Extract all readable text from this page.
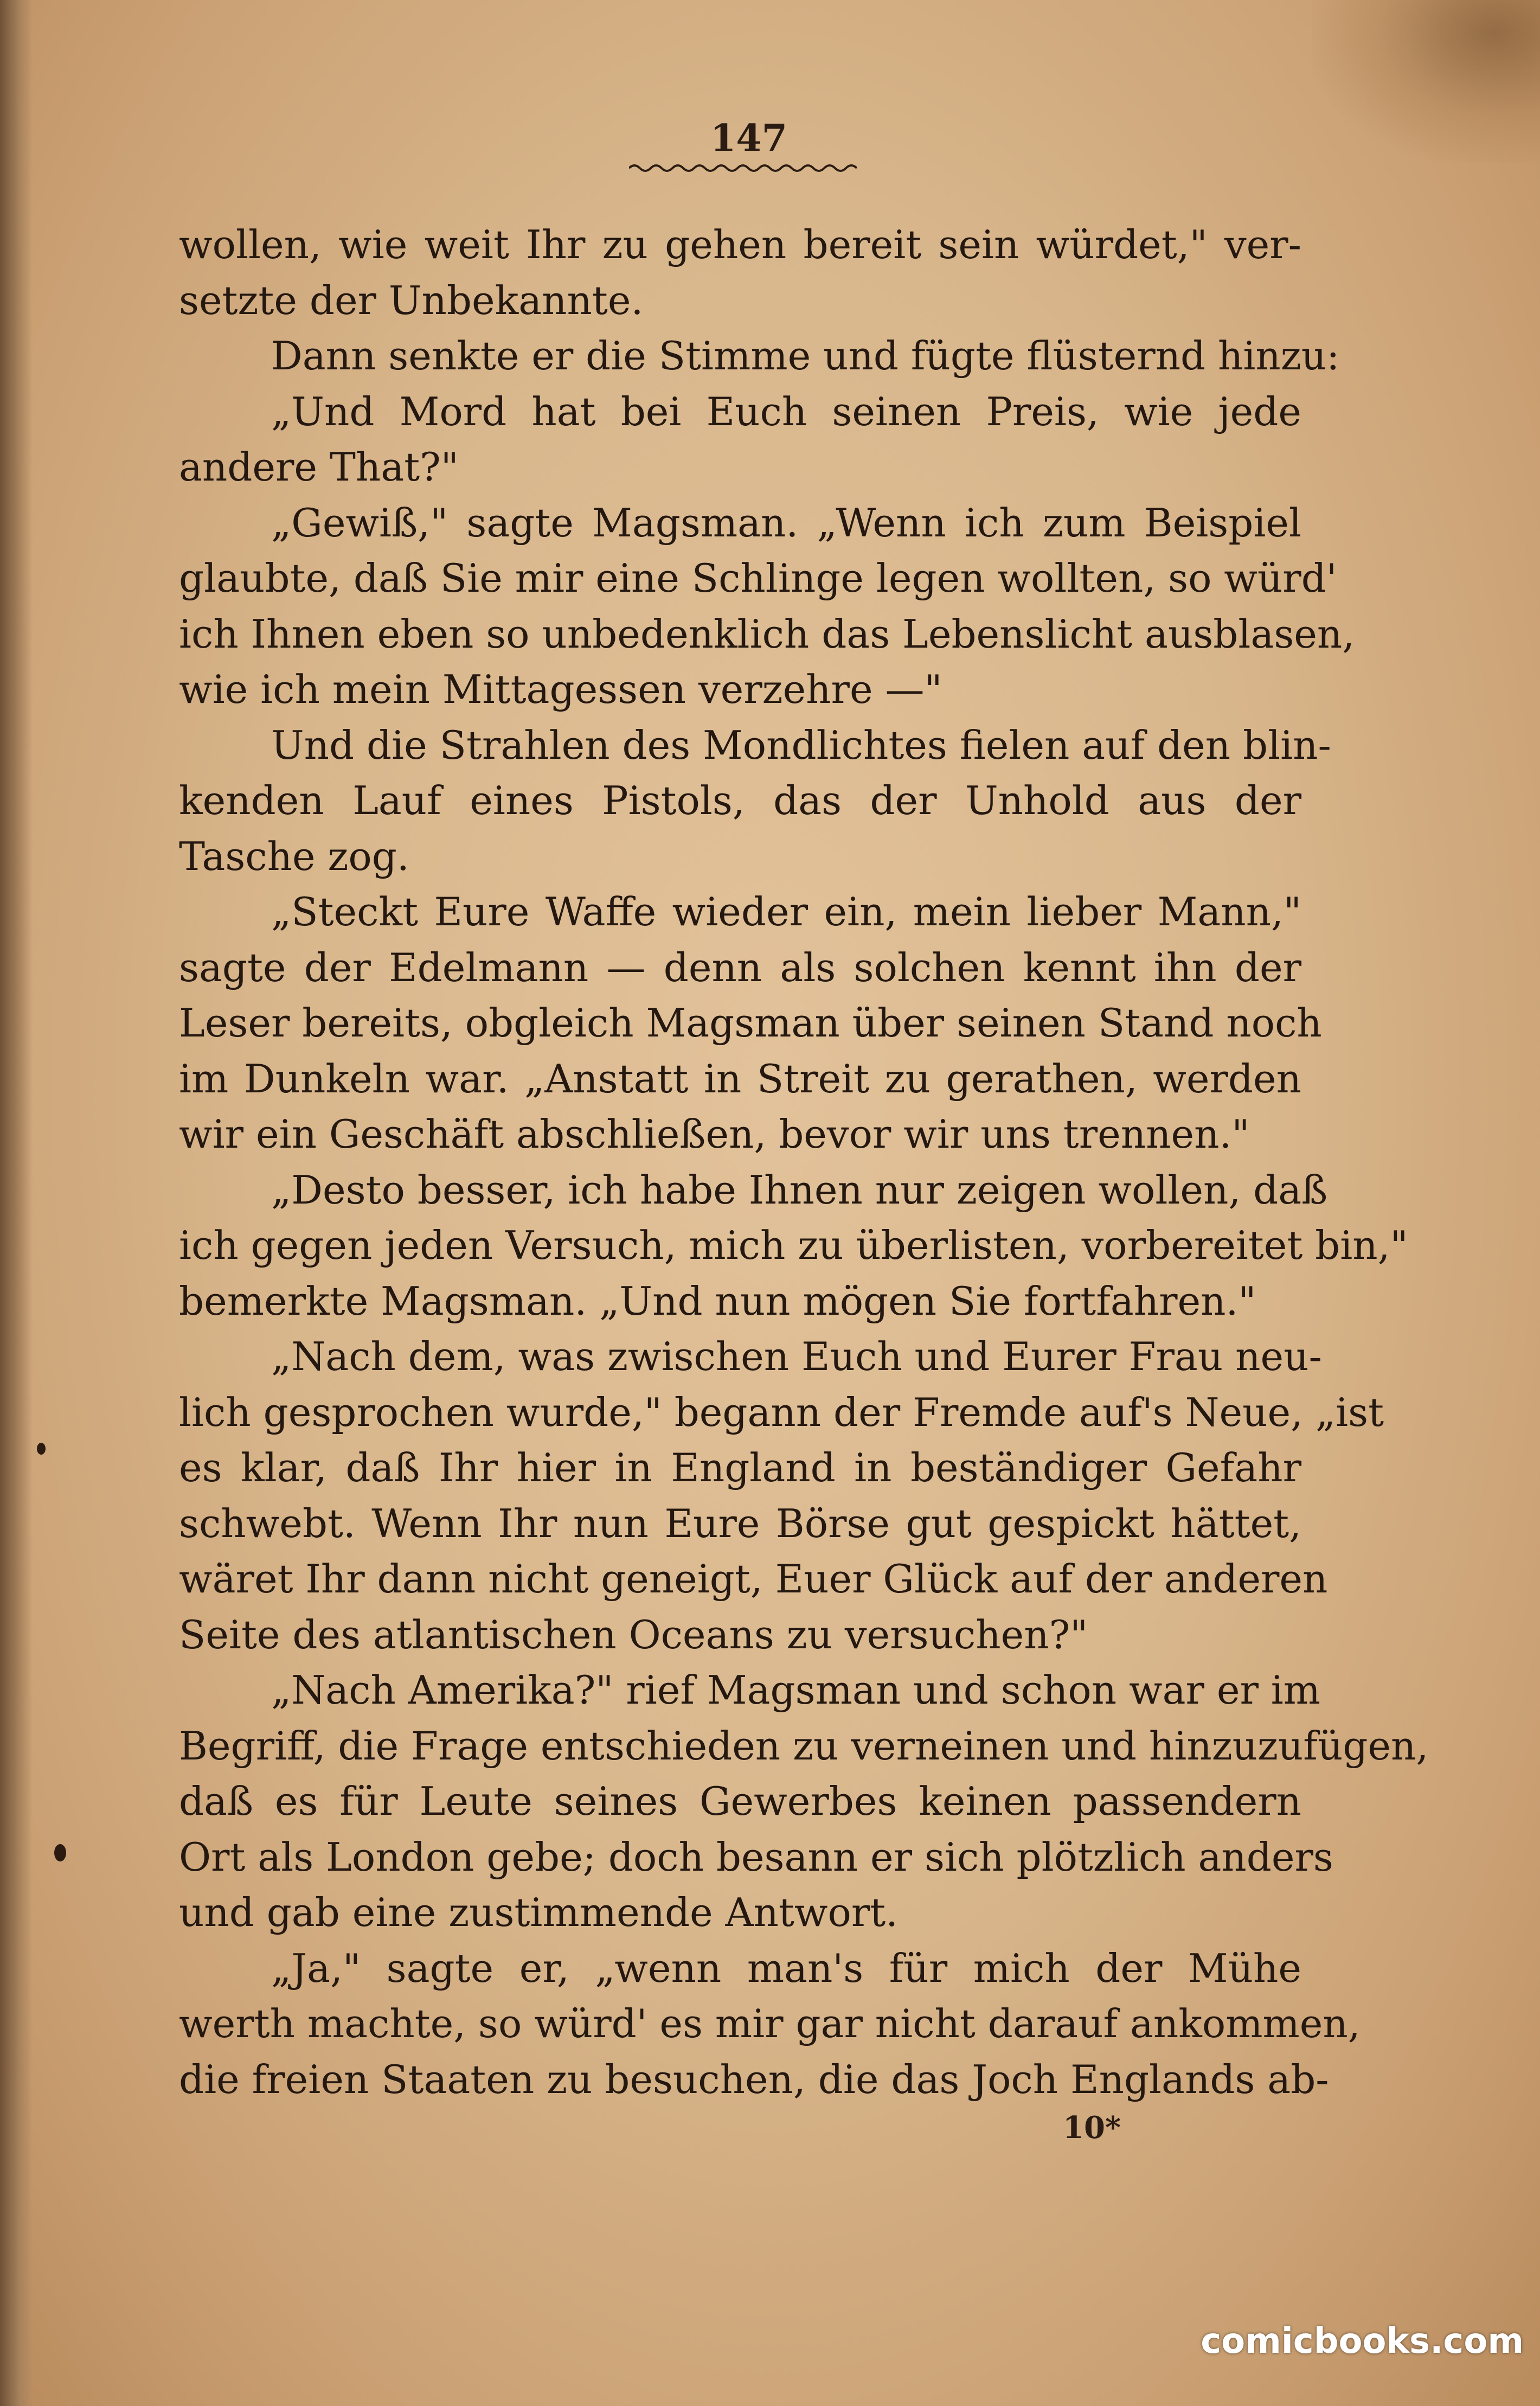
147
wollen, wie weit Ihr zu gehen bereit sein würdet," ver-
setzte der Unbekannte.
Dann senkte er die Stimme und fügte flüsternd hinzu:
„Und Mord hat bei Euch seinen Preis, wie jede
andere That?"
„Gewiß," sagte Magsman. „Wenn ich zum Beispiel
glaubte, daß Sie mir eine Schlinge legen wollten, so würd'
ich Ihnen eben so unbedenklich das Lebenslicht ausblasen,
wie ich mein Mittagessen verzehre —"
Und die Strahlen des Mondlichtes fielen auf den blin-
kenden Lauf eines Pistols, das der Unhold aus der
Tasche zog.
„Steckt Eure Waffe wieder ein, mein lieber Mann,"
sagte der Edelmann — denn als solchen kennt ihn der
Leser bereits, obgleich Magsman über seinen Stand noch
im Dunkeln war. „Anstatt in Streit zu gerathen, werden
wir ein Geschäft abschließen, bevor wir uns trennen."
„Desto besser, ich habe Ihnen nur zeigen wollen, daß
ich gegen jeden Versuch, mich zu überlisten, vorbereitet bin,"
bemerkte Magsman. „Und nun mögen Sie fortfahren."
„Nach dem, was zwischen Euch und Eurer Frau neu-
lich gesprochen wurde," begann der Fremde auf's Neue, „ist
es klar, daß Ihr hier in England in beständiger Gefahr
schwebt. Wenn Ihr nun Eure Börse gut gespickt hättet,
wäret Ihr dann nicht geneigt, Euer Glück auf der anderen
Seite des atlantischen Oceans zu versuchen?"
„Nach Amerika?" rief Magsman und schon war er im
Begriff, die Frage entschieden zu verneinen und hinzuzufügen,
daß es für Leute seines Gewerbes keinen passendern
Ort als London gebe; doch besann er sich plötzlich anders
und gab eine zustimmende Antwort.
„Ja," sagte er, „wenn man's für mich der Mühe
werth machte, so würd' es mir gar nicht darauf ankommen,
die freien Staaten zu besuchen, die das Joch Englands ab-
10*
comicbooks.com
